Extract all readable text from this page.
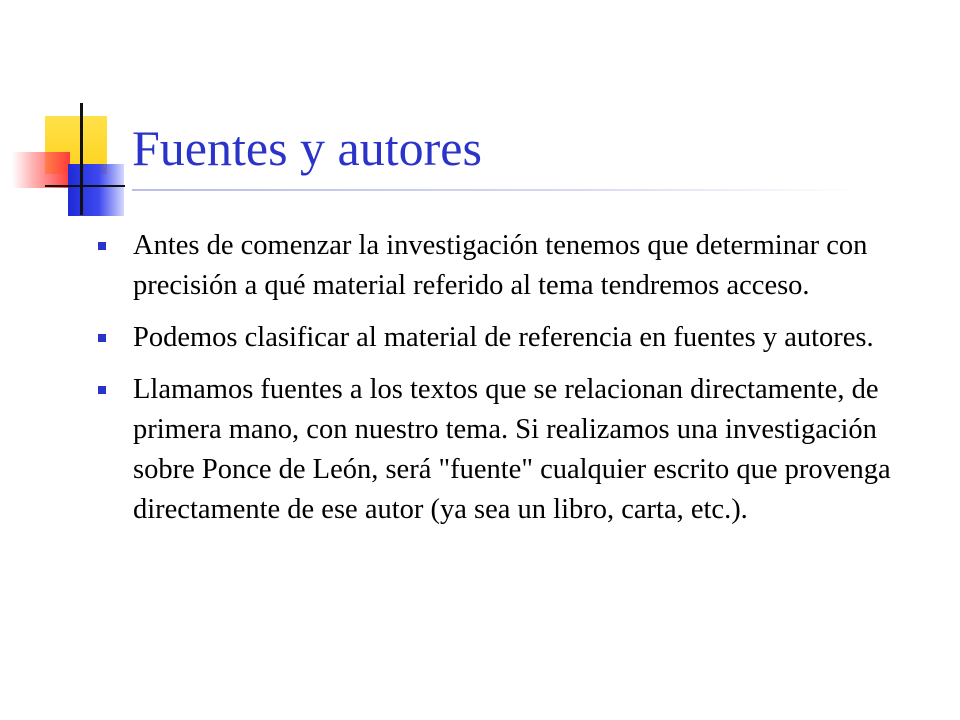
Fuentes y autores
Antes de comenzar la investigación tenemos que determinar con precisión a qué material referido al tema tendremos acceso.
Podemos clasificar al material de referencia en fuentes y autores.
Llamamos fuentes a los textos que se relacionan directamente, de primera mano, con nuestro tema. Si realizamos una investigación sobre Ponce de León, será "fuente" cualquier escrito que provenga directamente de ese autor (ya sea un libro, carta, etc.).
